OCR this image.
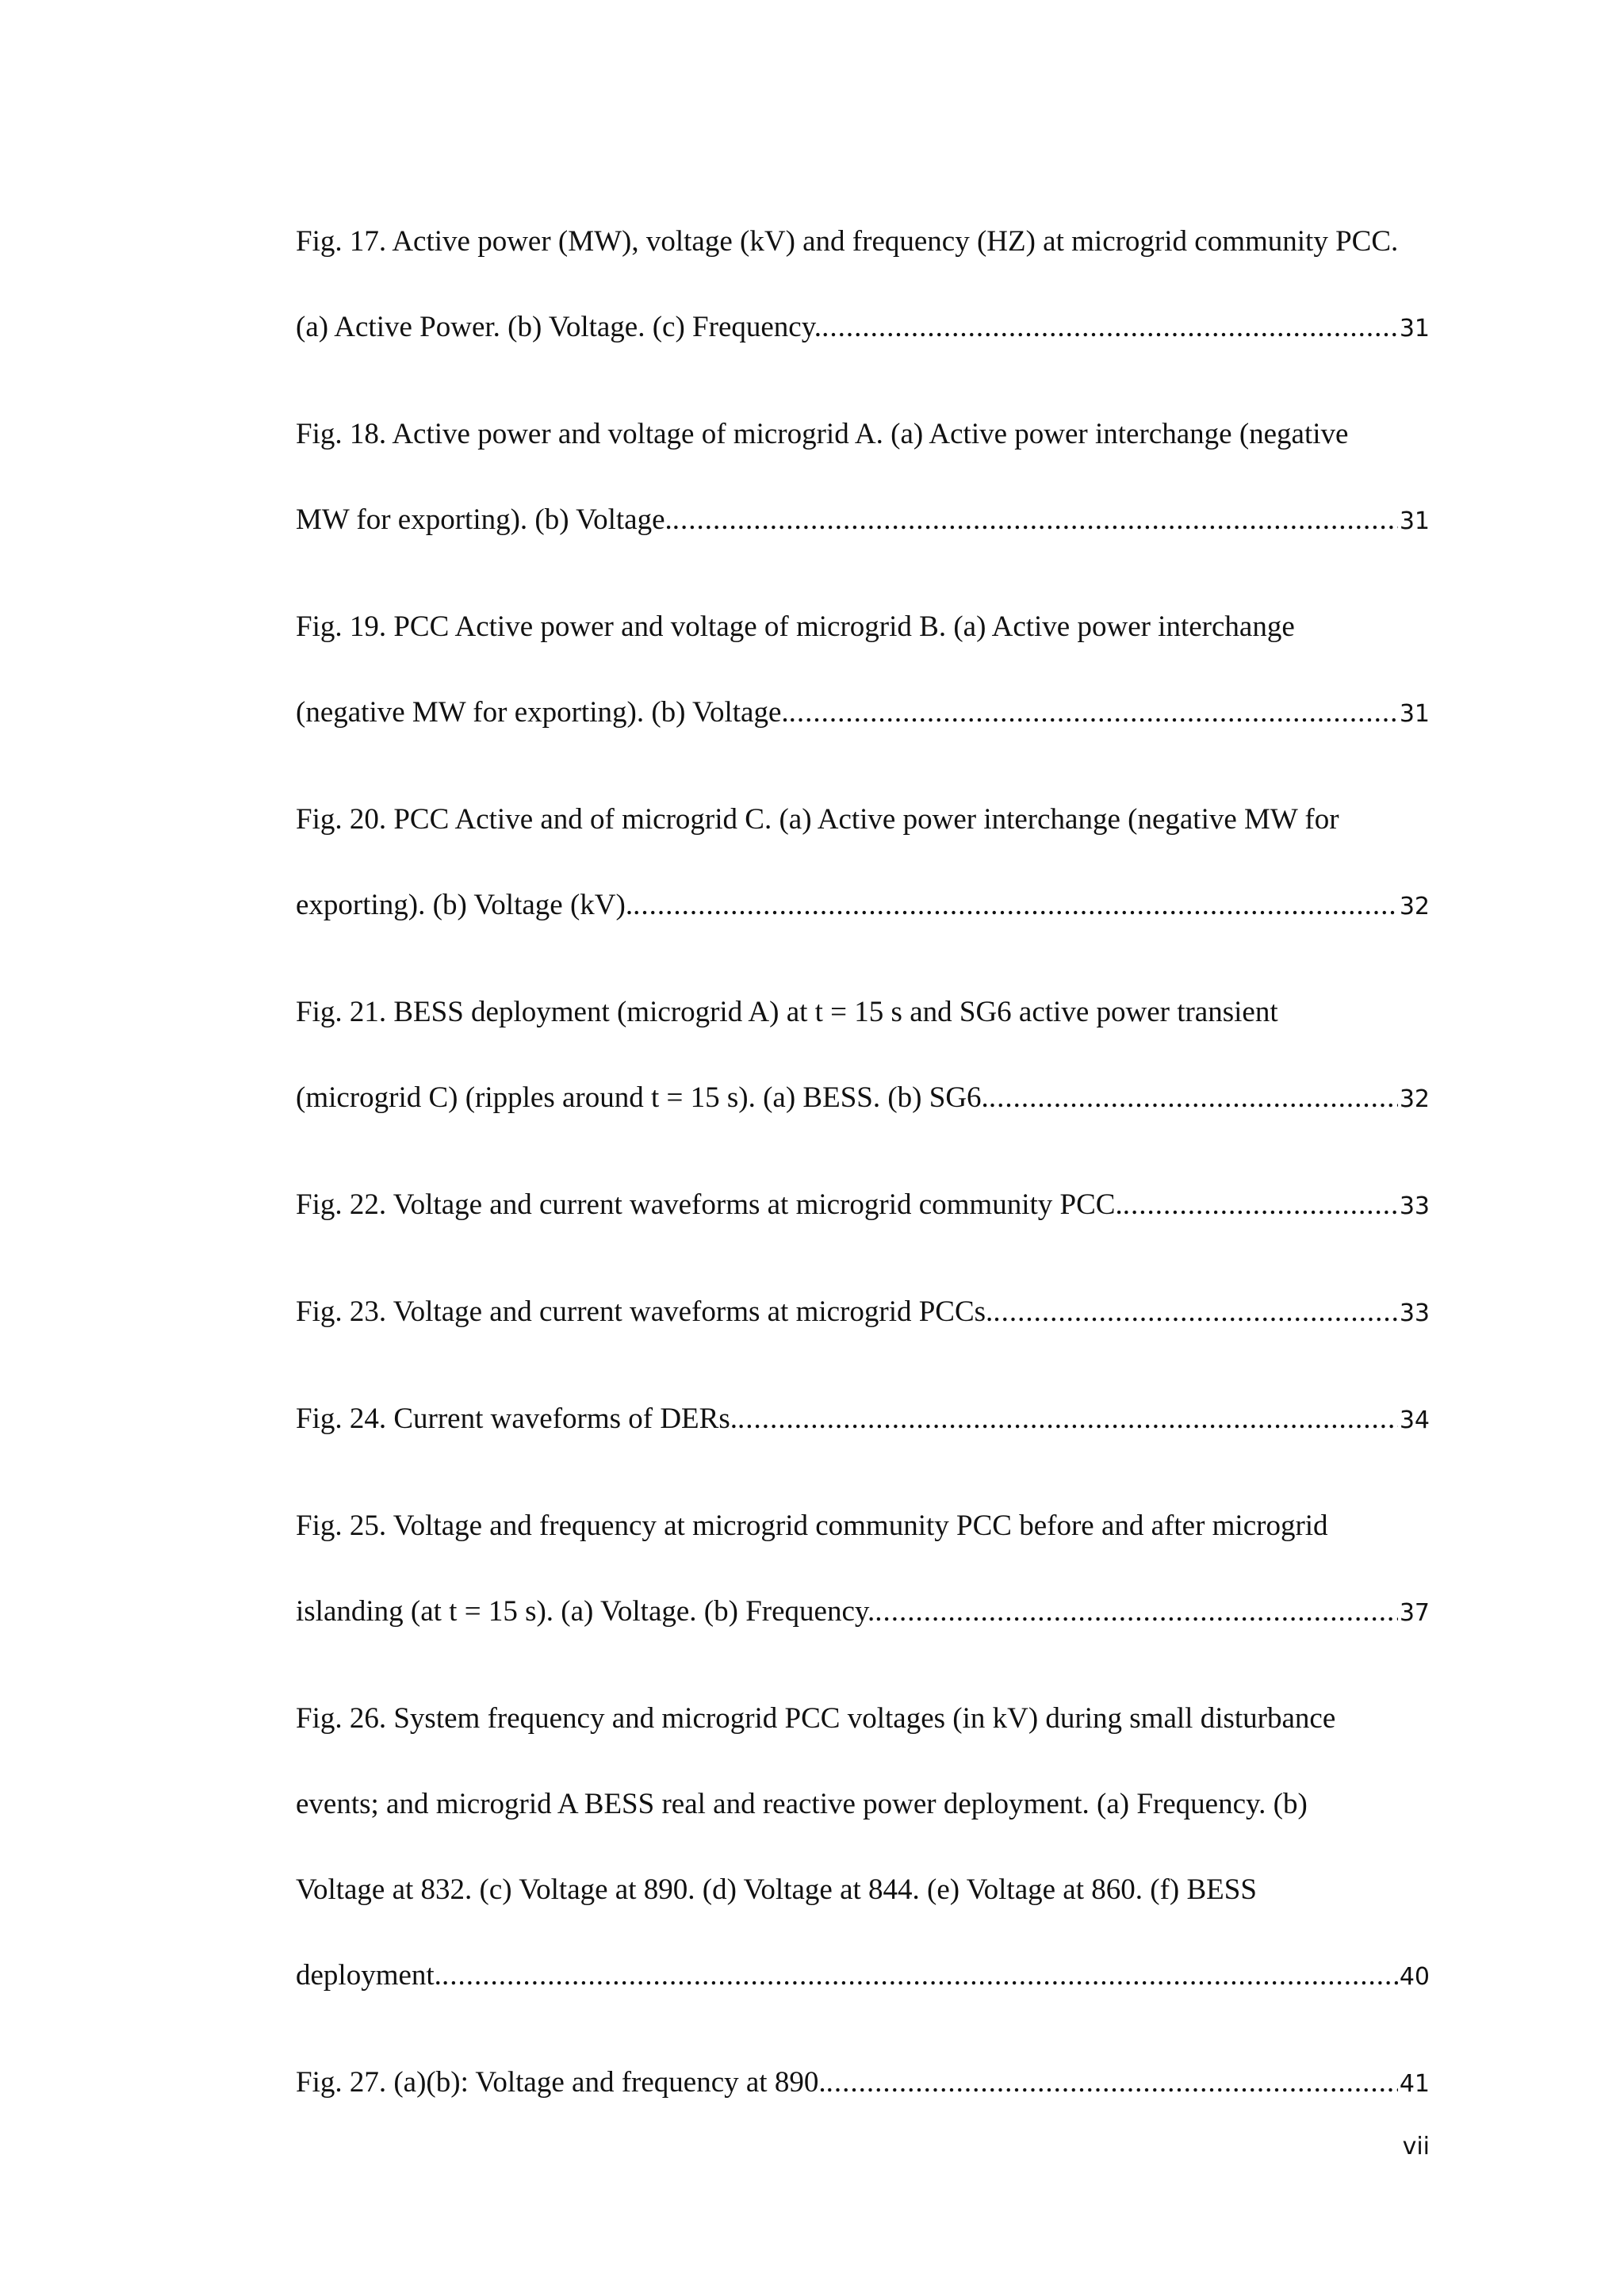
Fig. 17. Active power (MW), voltage (kV) and frequency (HZ) at microgrid community PCC.
(a) Active Power. (b) Voltage. (c) Frequency. .....	31
Fig. 18. Active power and voltage of microgrid A. (a) Active power interchange (negative
MW for exporting). (b) Voltage. .....	31
Fig. 19. PCC Active power and voltage of microgrid B. (a) Active power interchange
(negative MW for exporting). (b) Voltage. .....	31
Fig. 20. PCC Active and of microgrid C. (a) Active power interchange (negative MW for
exporting). (b) Voltage (kV). .....	32
Fig. 21. BESS deployment (microgrid A) at t = 15 s and SG6 active power transient
(microgrid C) (ripples around t = 15 s). (a) BESS. (b) SG6. .....	32
Fig. 22. Voltage and current waveforms at microgrid community PCC. .....	33
Fig. 23. Voltage and current waveforms at microgrid PCCs. .....	33
Fig. 24. Current waveforms of DERs. .....	34
Fig. 25. Voltage and frequency at microgrid community PCC before and after microgrid
islanding (at t = 15 s). (a) Voltage. (b) Frequency. .....	37
Fig. 26. System frequency and microgrid PCC voltages (in kV) during small disturbance
events; and microgrid A BESS real and reactive power deployment. (a) Frequency. (b)
Voltage at 832. (c) Voltage at 890. (d) Voltage at 844. (e) Voltage at 860. (f) BESS
deployment. .....	40
Fig. 27. (a)(b): Voltage and frequency at 890. .....	41
vii
